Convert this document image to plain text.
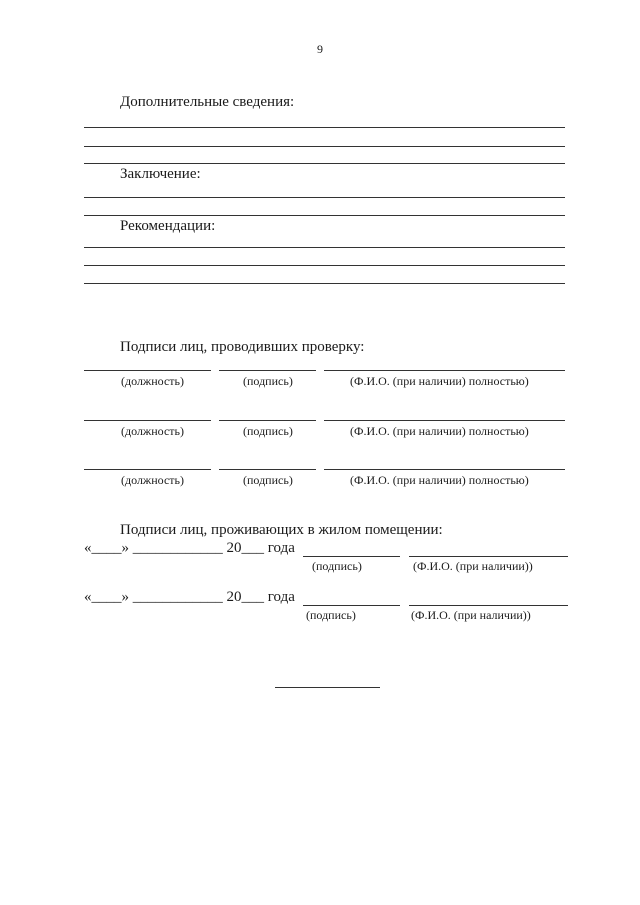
9
Дополнительные сведения:
Заключение:
Рекомендации:
Подписи лиц, проводивших проверку:
(должность)	(подпись)	(Ф.И.О. (при наличии) полностью)
(должность)	(подпись)	(Ф.И.О. (при наличии) полностью)
(должность)	(подпись)	(Ф.И.О. (при наличии) полностью)
Подписи лиц, проживающих в жилом помещении:
«____» ____________ 20___ года
(подпись)	(Ф.И.О. (при наличии))
«____» ____________ 20___ года
(подпись)	(Ф.И.О. (при наличии))
